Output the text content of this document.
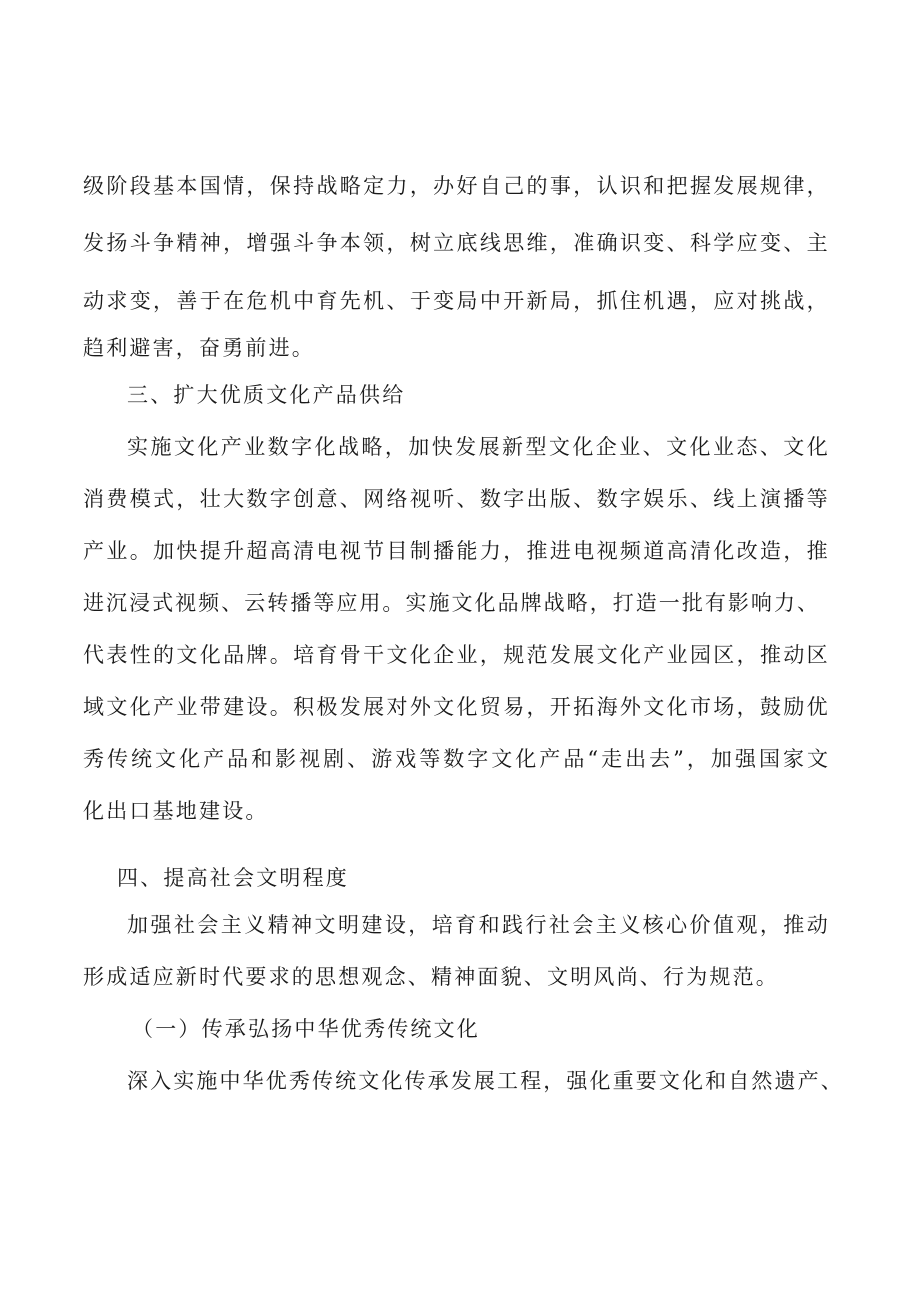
级 阶 段 基 本 国 情 ， 保 持 战 略 定 力 ， 办 好 自 己 的 事 ， 认 识 和 把 握 发 展 规 律 ，

发 扬 斗 争 精 神 ， 增 强 斗 争 本 领 ， 树 立 底 线 思 维 ， 准 确 识 变 、 科 学 应 变 、 主

动 求 变 ， 善 于 在 危 机 中 育 先 机 、 于 变 局 中 开 新 局 ， 抓 住 机 遇 ， 应 对 挑 战 ，

趋利避害，奋勇前进。

三、扩大优质文化产品供给

实 施 文 化 产 业 数 字 化 战 略 ， 加 快 发 展 新 型 文 化 企 业 、 文 化 业 态 、 文 化

消 费 模 式 ， 壮 大 数 字 创 意 、 网 络 视 听 、 数 字 出 版 、 数 字 娱 乐 、 线 上 演 播 等

产 业 。 加 快 提 升 超 高 清 电 视 节 目 制 播 能 力 ， 推 进 电 视 频 道 高 清 化 改 造 ， 推

进 沉 浸 式 视 频 、 云 转 播 等 应 用 。 实 施 文 化 品 牌 战 略 ， 打 造 一 批 有 影 响 力 、

代 表 性 的 文 化 品 牌 。 培 育 骨 干 文 化 企 业 ， 规 范 发 展 文 化 产 业 园 区 ， 推 动 区

域 文 化 产 业 带 建 设 。 积 极 发 展 对 外 文 化 贸 易 ， 开 拓 海 外 文 化 市 场 ， 鼓 励 优

秀 传 统 文 化 产 品 和 影 视 剧 、 游 戏 等 数 字 文 化 产 品 “ 走 出 去 ” ， 加 强 国 家 文

化出口基地建设。

四、提高社会文明程度

加 强 社 会 主 义 精 神 文 明 建 设 ， 培 育 和 践 行 社 会 主 义 核 心 价 值 观 ， 推 动

形成适应新时代要求的思想观念、精神面貌、文明风尚、行为规范。

（一）传承弘扬中华优秀传统文化

深 入 实 施 中 华 优 秀 传 统 文 化 传 承 发 展 工 程 ， 强 化 重 要 文 化 和 自 然 遗 产 、
